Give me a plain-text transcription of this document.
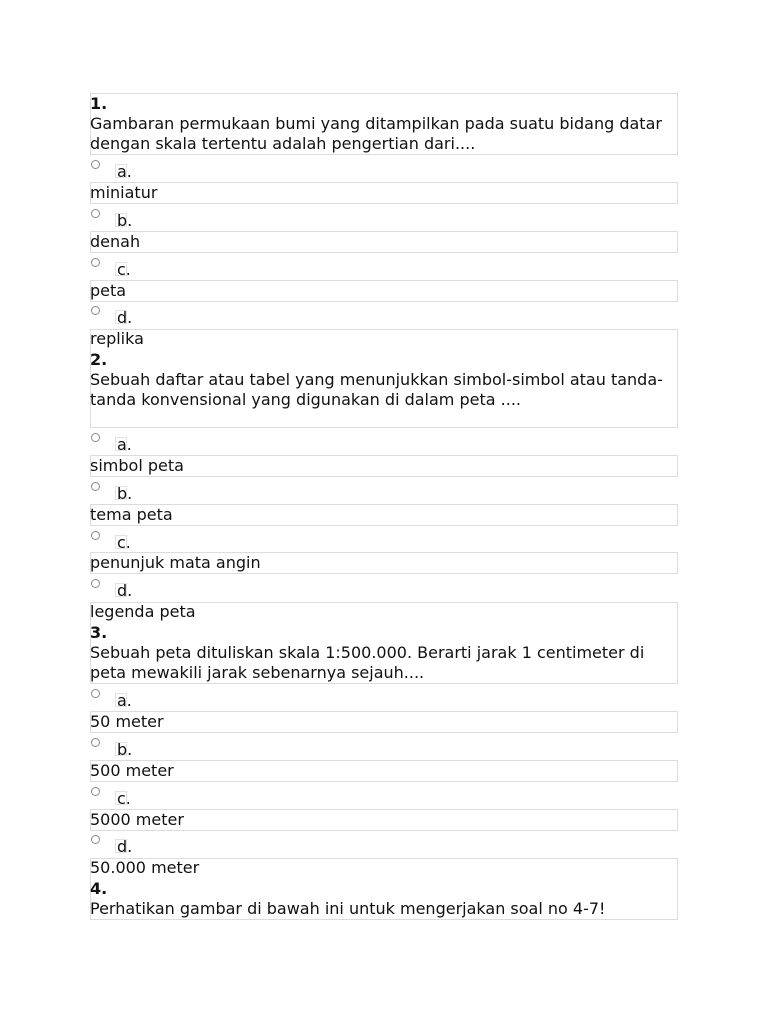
1.
Gambaran permukaan bumi yang ditampilkan pada suatu bidang datar dengan skala tertentu adalah pengertian dari....
a.
miniatur
b.
denah
c.
peta
d.
replika
2.
Sebuah daftar atau tabel yang menunjukkan simbol-simbol atau tanda-tanda konvensional yang digunakan di dalam peta ....
a.
simbol peta
b.
tema peta
c.
penunjuk mata angin
d.
legenda peta
3.
Sebuah peta dituliskan skala 1:500.000. Berarti jarak 1 centimeter di peta mewakili jarak sebenarnya sejauh....
a.
50 meter
b.
500 meter
c.
5000 meter
d.
50.000 meter
4.
Perhatikan gambar di bawah ini untuk mengerjakan soal no 4-7!
